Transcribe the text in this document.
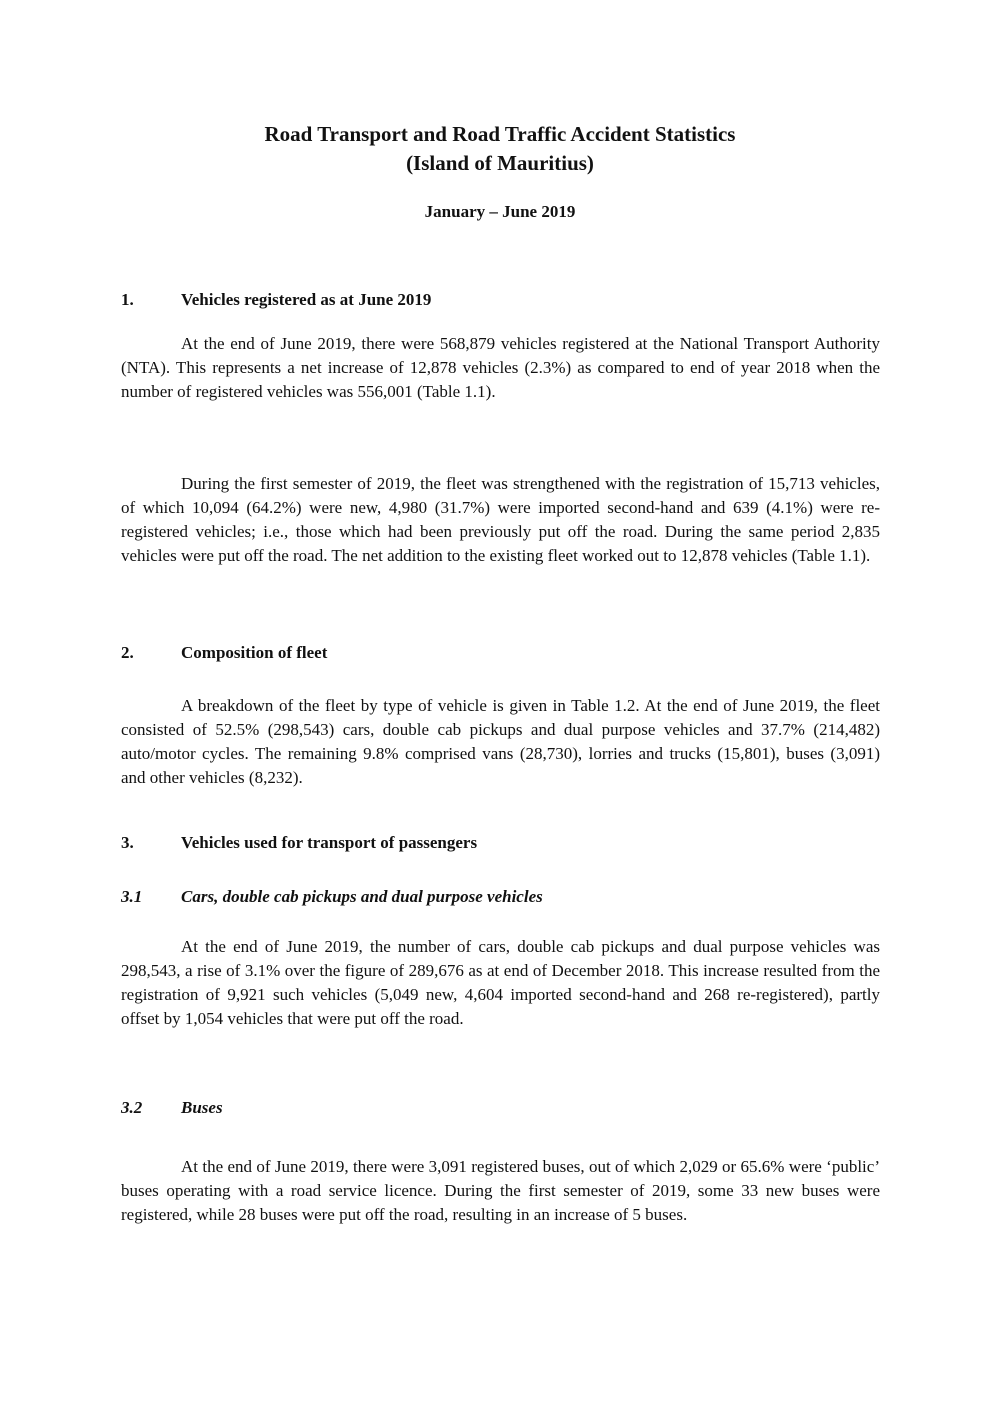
Road Transport and Road Traffic Accident Statistics
(Island of Mauritius)
January – June 2019
1.	Vehicles registered as at June 2019

At the end of June 2019, there were 568,879 vehicles registered at the National Transport Authority (NTA). This represents a net increase of 12,878 vehicles (2.3%) as compared to end of year 2018 when the number of registered vehicles was 556,001 (Table 1.1).

During the first semester of 2019, the fleet was strengthened with the registration of 15,713 vehicles, of which 10,094 (64.2%) were new, 4,980 (31.7%) were imported second-hand and 639 (4.1%) were re-registered vehicles; i.e., those which had been previously put off the road. During the same period 2,835 vehicles were put off the road. The net addition to the existing fleet worked out to 12,878 vehicles (Table 1.1).

2.	Composition of fleet

A breakdown of the fleet by type of vehicle is given in Table 1.2. At the end of June 2019, the fleet consisted of 52.5% (298,543) cars, double cab pickups and dual purpose vehicles and 37.7% (214,482) auto/motor cycles. The remaining 9.8% comprised vans (28,730), lorries and trucks (15,801), buses (3,091) and other vehicles (8,232).

3.	Vehicles used for transport of passengers
3.1 Cars, double cab pickups and dual purpose vehicles

At the end of June 2019, the number of cars, double cab pickups and dual purpose vehicles was 298,543, a rise of 3.1% over the figure of 289,676 as at end of December 2018. This increase resulted from the registration of 9,921 such vehicles (5,049 new, 4,604 imported second-hand and 268 re-registered), partly offset by 1,054 vehicles that were put off the road.

3.2 Buses

At the end of June 2019, there were 3,091 registered buses, out of which 2,029 or 65.6% were ‘public’ buses operating with a road service licence. During the first semester of 2019, some 33 new buses were registered, while 28 buses were put off the road, resulting in an increase of 5 buses.
